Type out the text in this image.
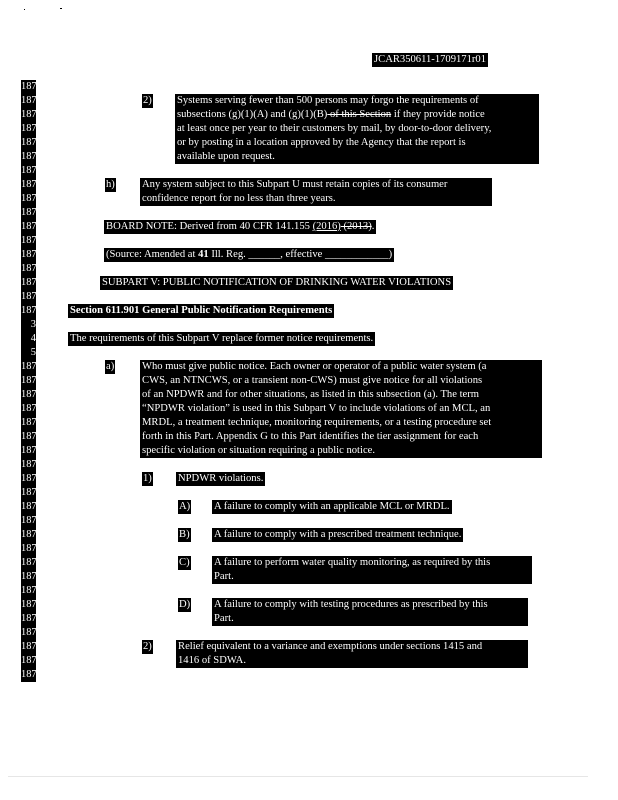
JCAR350611-1709171r01
18746
18747
18748
18749
18750
18751
18752
18753
18754
18755
18756
18757
18758
18759
18760
18761
18762
3
4
5
18766
18767
18768
18769
18770
18771
18772
18773
18774
18775
18776
18777
18778
18779
18780
18781
18782
18783
18784
18785
18786
18787
18788
2) Systems serving fewer than 500 persons may forgo the requirements of
subsections (g)(1)(A) and (g)(1)(B) of this Section if they provide notice
at least once per year to their customers by mail, by door-to-door delivery,
or by posting in a location approved by the Agency that the report is
available upon request.
h)	Any system subject to this Subpart U must retain copies of its consumer
confidence report for no less than three years.
BOARD NOTE: Derived from 40 CFR 141.155 (2016) (2013).
(Source: Amended at 41 Ill. Reg. ______, effective ____________)
SUBPART V: PUBLIC NOTIFICATION OF DRINKING WATER VIOLATIONS
Section 611.901 General Public Notification Requirements
The requirements of this Subpart V replace former notice requirements.
a)	Who must give public notice. Each owner or operator of a public water system (a
CWS, an NTNCWS, or a transient non-CWS) must give notice for all violations
of an NPDWR and for other situations, as listed in this subsection (a). The term
“NPDWR violation” is used in this Subpart V to include violations of an MCL, an
MRDL, a treatment technique, monitoring requirements, or a testing procedure set
forth in this Part. Appendix G to this Part identifies the tier assignment for each
specific violation or situation requiring a public notice.
1) NPDWR violations.
A) A failure to comply with an applicable MCL or MRDL.
B) A failure to comply with a prescribed treatment technique.
C) A failure to perform water quality monitoring, as required by this
Part.
D) A failure to comply with testing procedures as prescribed by this
Part.
2) Relief equivalent to a variance and exemptions under sections 1415 and
1416 of SDWA.
